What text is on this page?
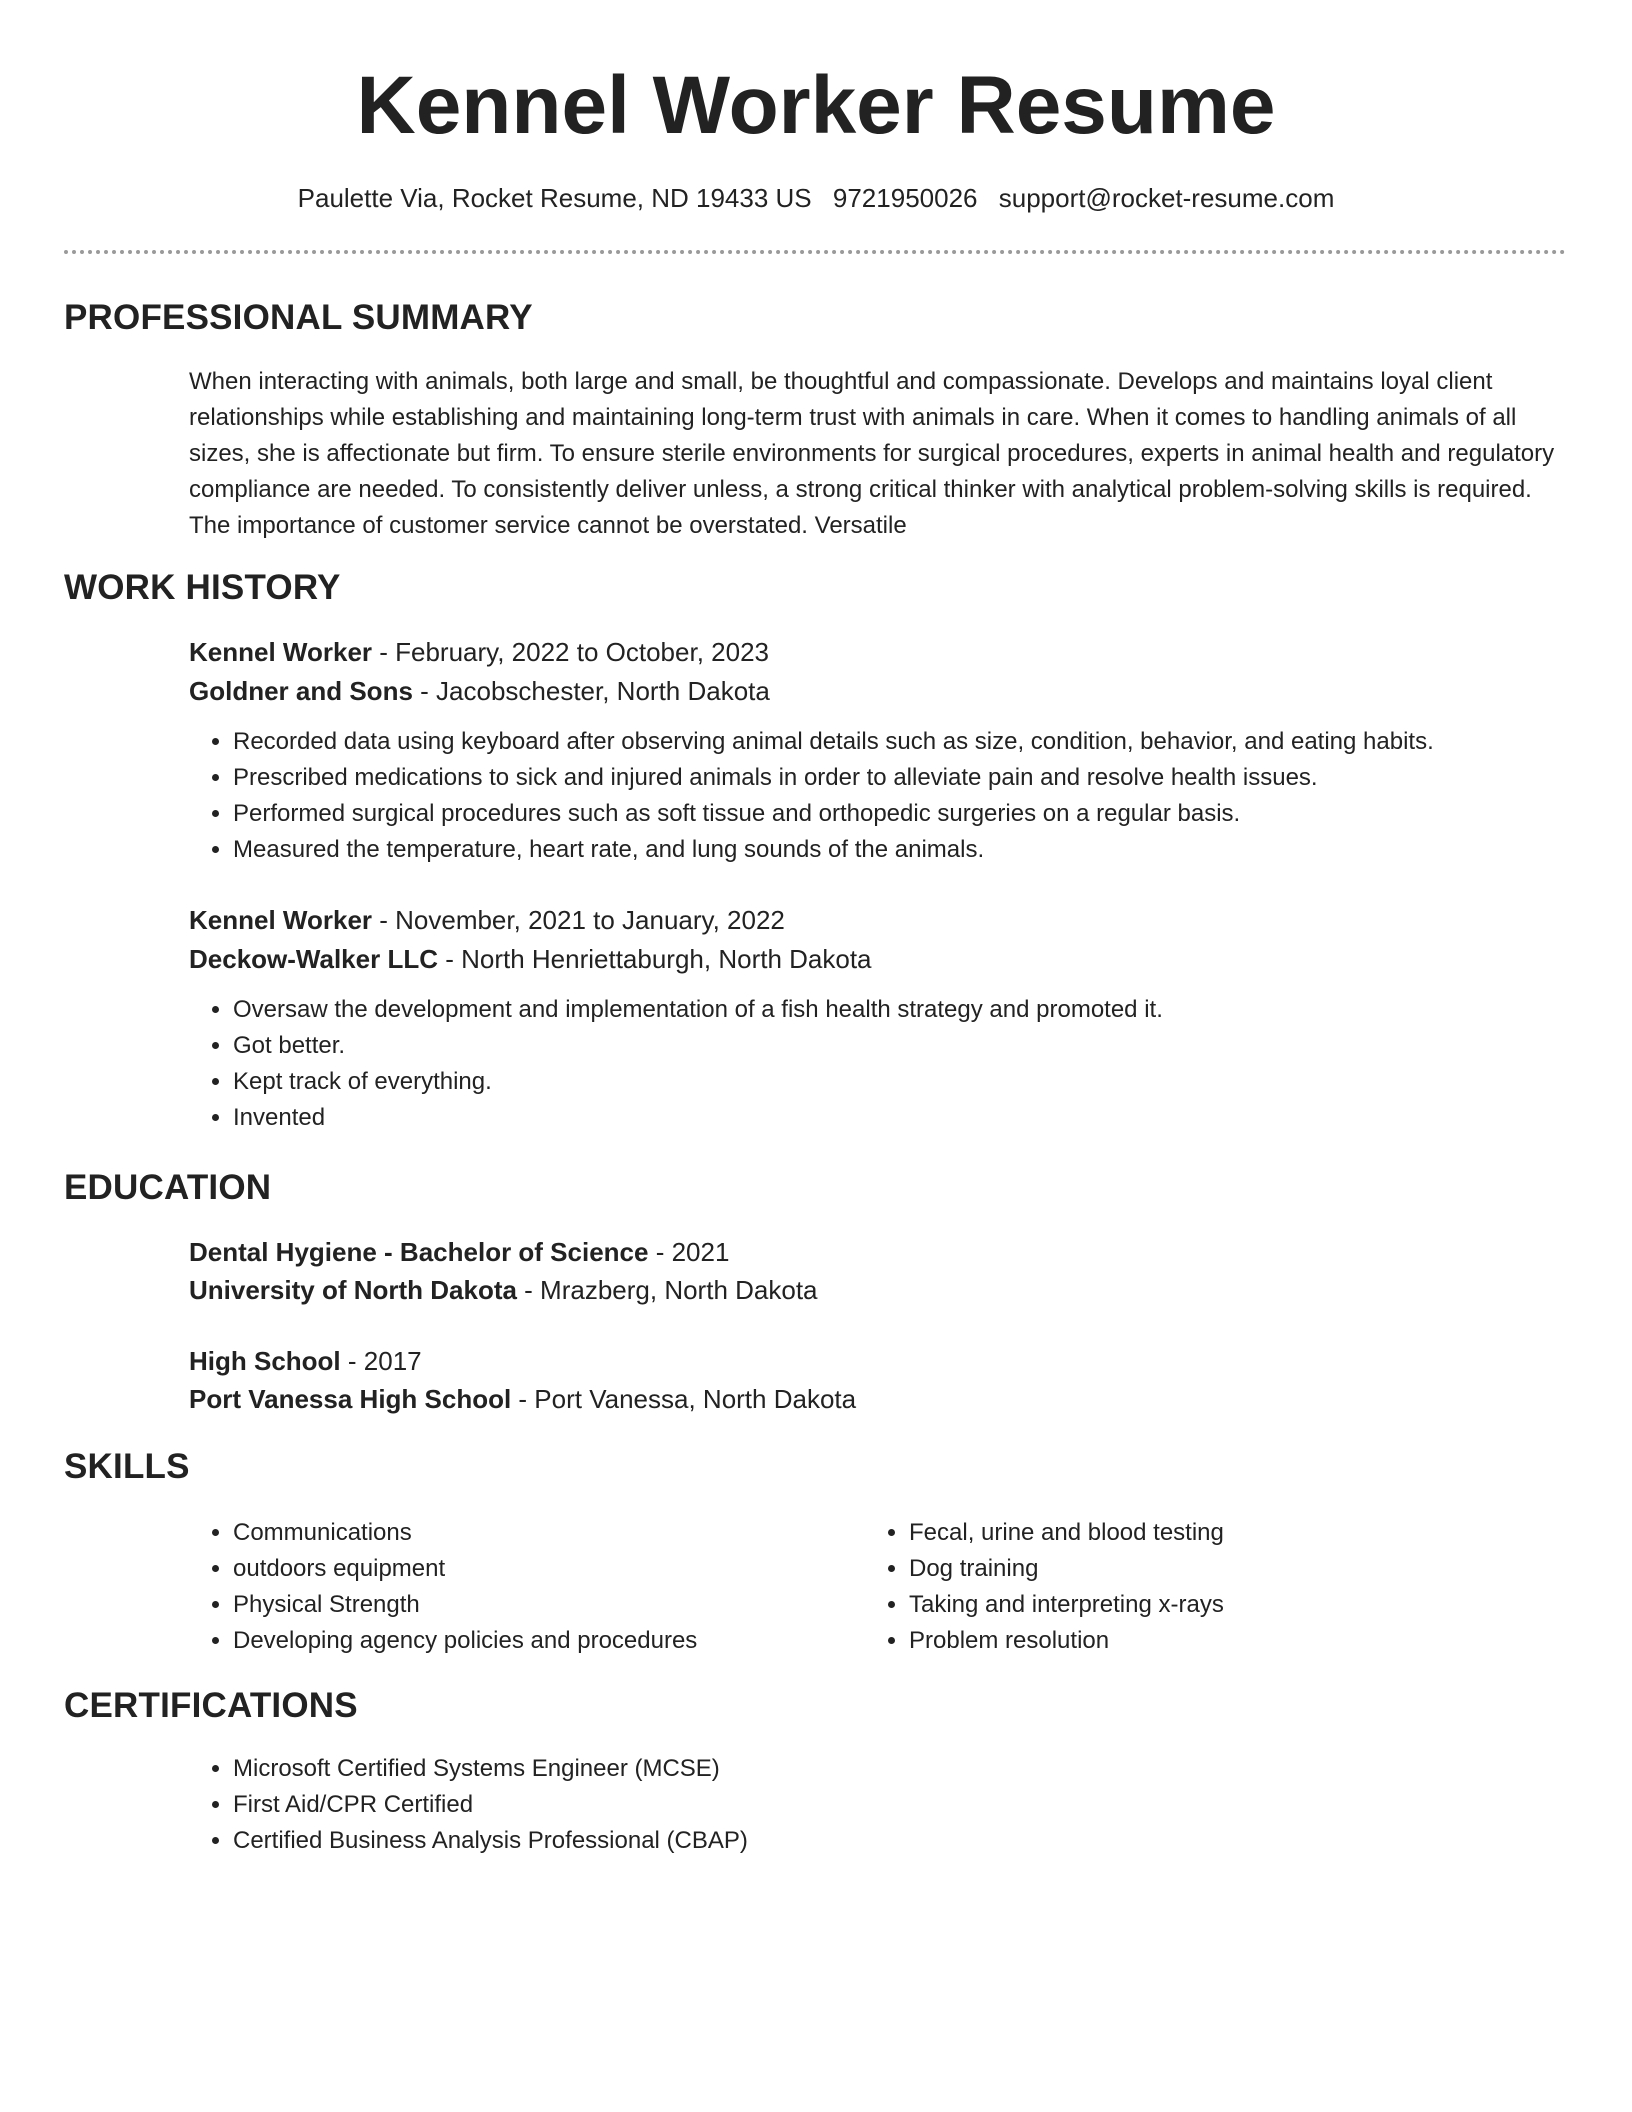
Kennel Worker Resume
Paulette Via, Rocket Resume, ND 19433 US 9721950026 support@rocket-resume.com
PROFESSIONAL SUMMARY

When interacting with animals, both large and small, be thoughtful and compassionate. Develops and maintains loyal client relationships while establishing and maintaining long-term trust with animals in care. When it comes to handling animals of all sizes, she is affectionate but firm. To ensure sterile environments for surgical procedures, experts in animal health and regulatory compliance are needed. To consistently deliver unless, a strong critical thinker with analytical problem-solving skills is required. The importance of customer service cannot be overstated. Versatile

WORK HISTORY
Kennel Worker - February, 2022 to October, 2023
Goldner and Sons - Jacobschester, North Dakota
• Recorded data using keyboard after observing animal details such as size, condition, behavior, and eating habits.
• Prescribed medications to sick and injured animals in order to alleviate pain and resolve health issues.
• Performed surgical procedures such as soft tissue and orthopedic surgeries on a regular basis.
• Measured the temperature, heart rate, and lung sounds of the animals.
Kennel Worker - November, 2021 to January, 2022
Deckow-Walker LLC - North Henriettaburgh, North Dakota
• Oversaw the development and implementation of a fish health strategy and promoted it.
• Got better.
• Kept track of everything.
• Invented
EDUCATION
Dental Hygiene - Bachelor of Science - 2021
University of North Dakota - Mrazberg, North Dakota
High School - 2017
Port Vanessa High School - Port Vanessa, North Dakota
SKILLS
• Communications
• outdoors equipment
• Physical Strength
• Developing agency policies and procedures
• Fecal, urine and blood testing
• Dog training
• Taking and interpreting x-rays
• Problem resolution
CERTIFICATIONS
• Microsoft Certified Systems Engineer (MCSE)
• First Aid/CPR Certified
• Certified Business Analysis Professional (CBAP)
